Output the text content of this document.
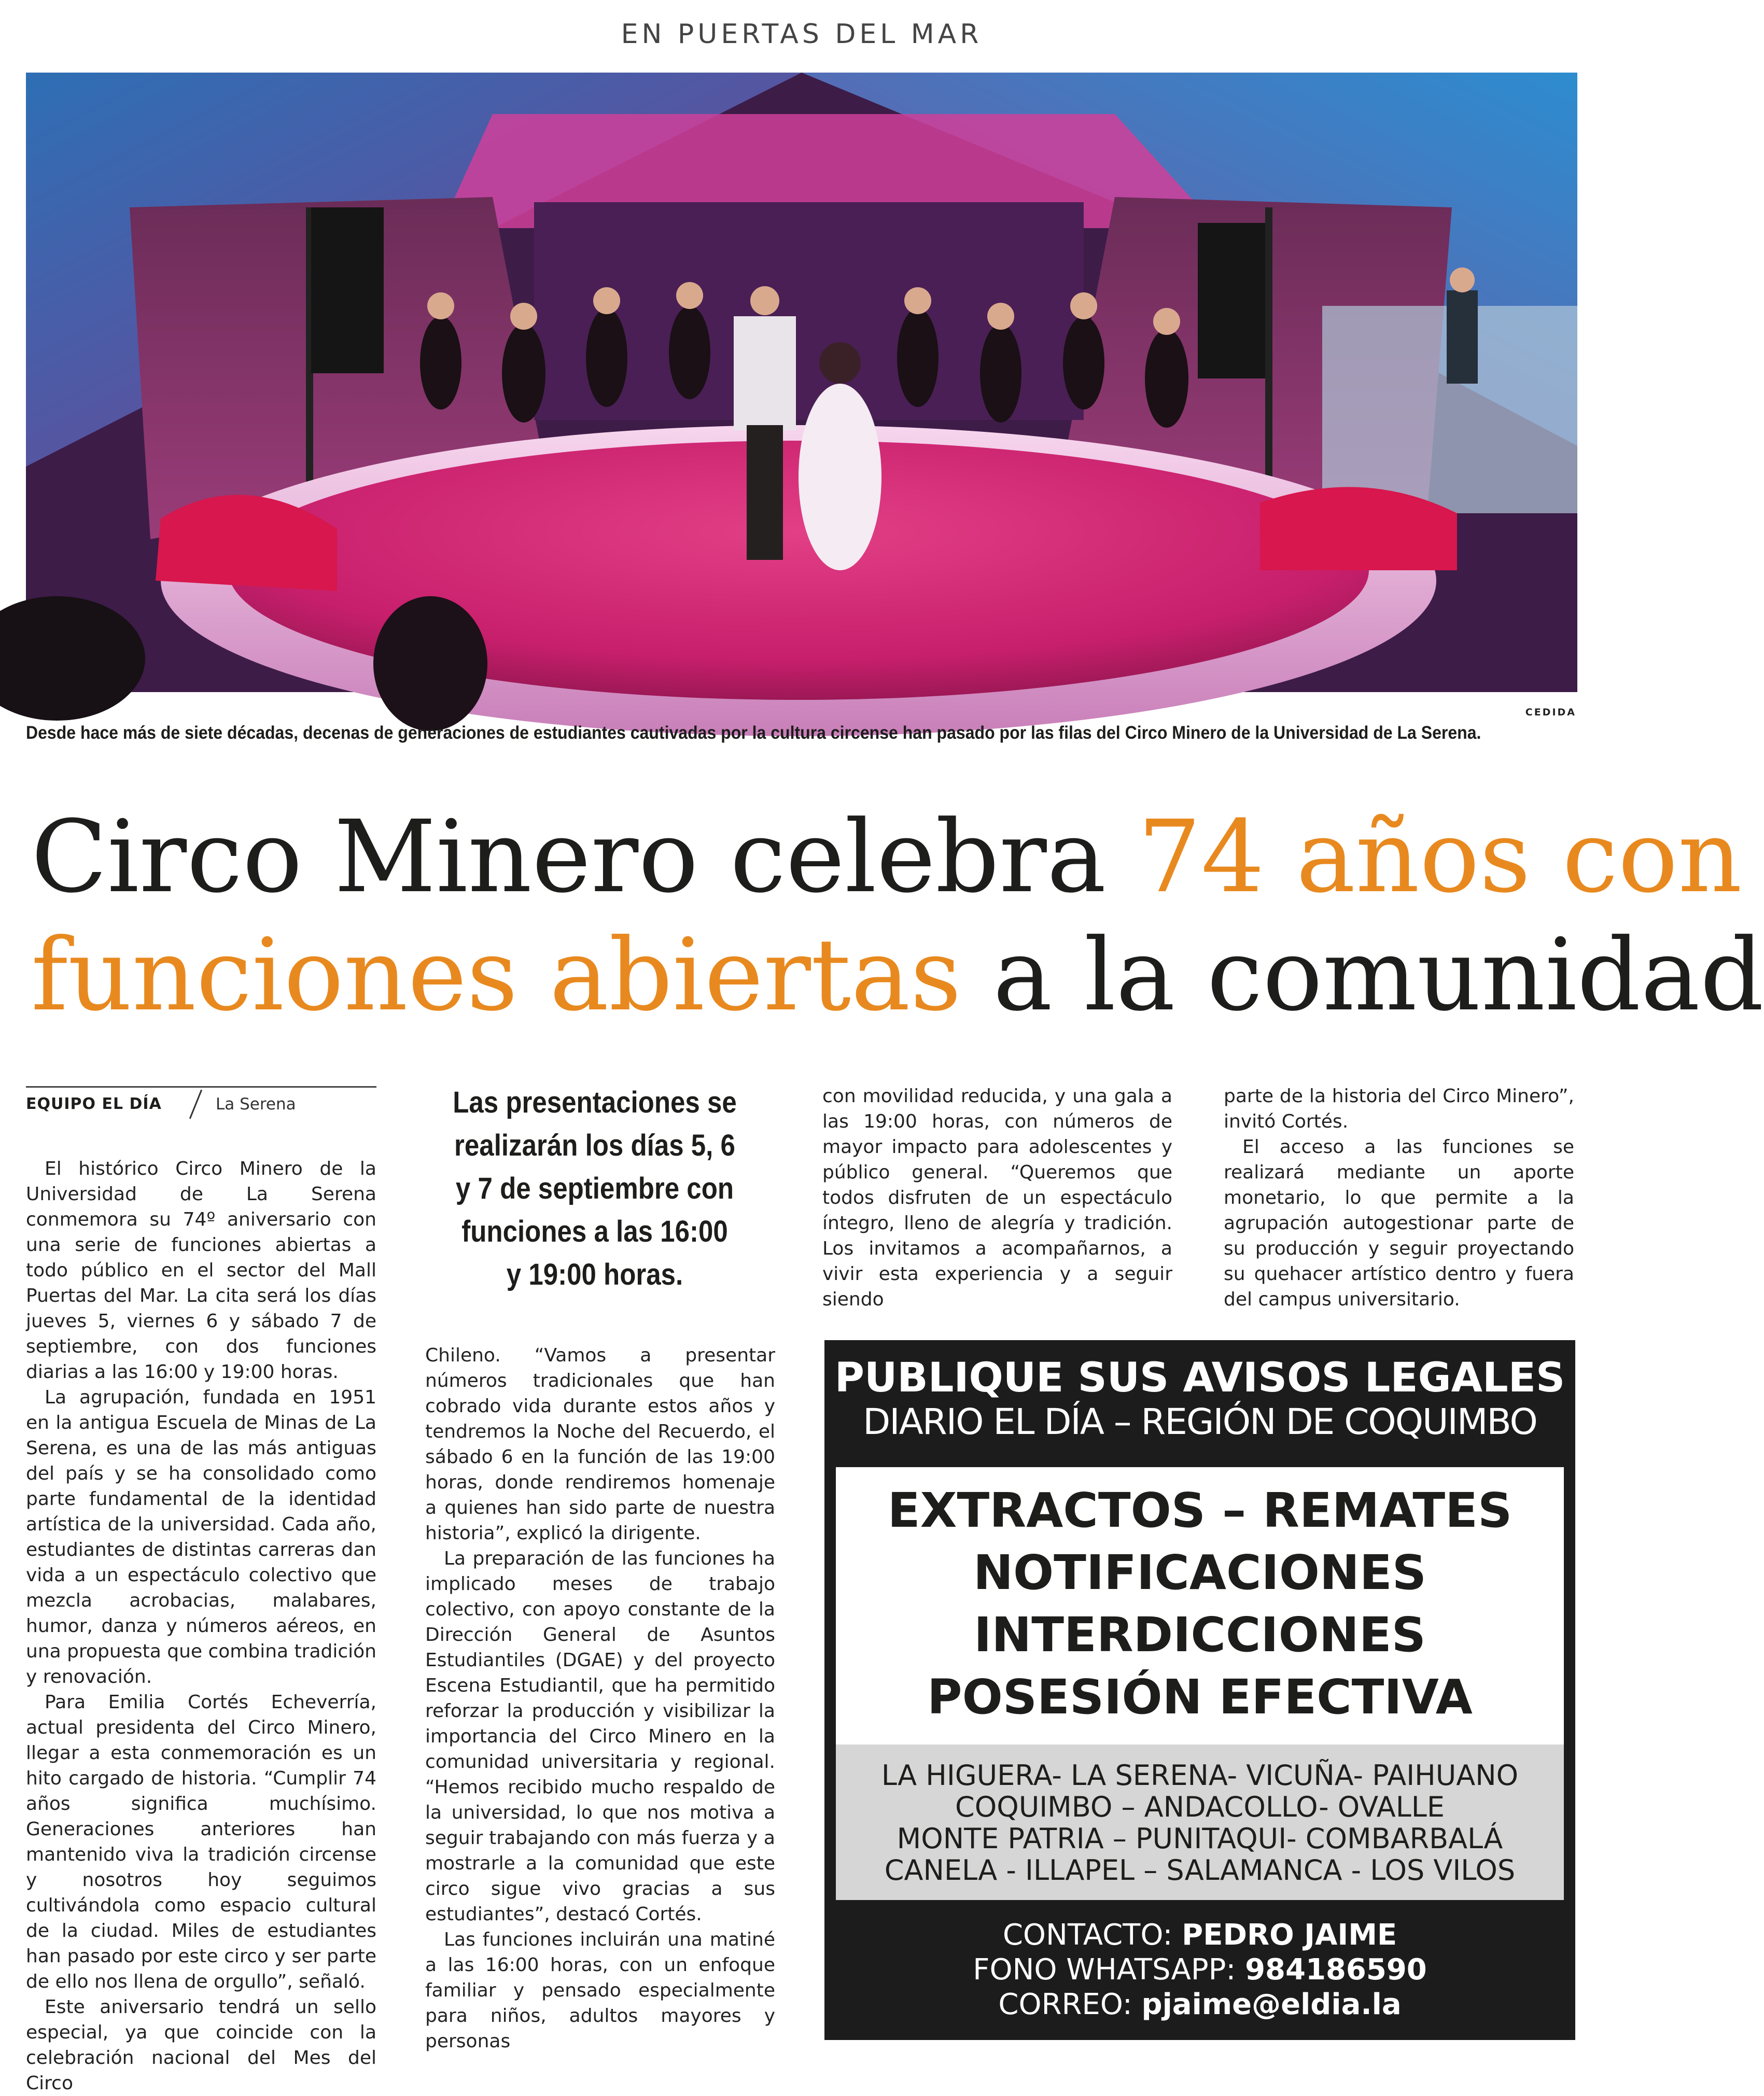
EN PUERTAS DEL MAR
CEDIDA
Desde hace más de siete décadas, decenas de generaciones de estudiantes cautivadas por la cultura circense han pasado por las filas del Circo Minero de la Universidad de La Serena.
Circo Minero celebra 74 años con
funciones abiertas a la comunidad
EQUIPO EL DÍA	La Serena

El histórico Circo Minero de la Universidad de La Serena conmemora su 74º aniversario con una serie de funciones abiertas a todo público en el sector del Mall Puertas del Mar. La cita será los días jueves 5, viernes 6 y sábado 7 de septiembre, con dos funciones diarias a las 16:00 y 19:00 horas.

La agrupación, fundada en 1951 en la antigua Escuela de Minas de La Serena, es una de las más antiguas del país y se ha consolidado como parte fundamental de la identidad artística de la universidad. Cada año, estudiantes de distintas carreras dan vida a un espectáculo colectivo que mezcla acrobacias, malabares, humor, danza y números aéreos, en una propuesta que combina tradición y renovación.

Para Emilia Cortés Echeverría, actual presidenta del Circo Minero, llegar a esta conmemoración es un hito cargado de historia. “Cumplir 74 años significa muchísimo. Generaciones anteriores han mantenido viva la tradición circense y nosotros hoy seguimos cultivándola como espacio cultural de la ciudad. Miles de estudiantes han pasado por este circo y ser parte de ello nos llena de orgullo”, señaló.

Este aniversario tendrá un sello especial, ya que coincide con la celebración nacional del Mes del Circo

Las presentaciones se realizarán los días 5, 6 y 7 de septiembre con funciones a las 16:00 y 19:00 horas.

Chileno. “Vamos a presentar números tradicionales que han cobrado vida durante estos años y tendremos la Noche del Recuerdo, el sábado 6 en la función de las 19:00 horas, donde rendiremos homenaje a quienes han sido parte de nuestra historia”, explicó la dirigente.

La preparación de las funciones ha implicado meses de trabajo colectivo, con apoyo constante de la Dirección General de Asuntos Estudiantiles (DGAE) y del proyecto Escena Estudiantil, que ha permitido reforzar la producción y visibilizar la importancia del Circo Minero en la comunidad universitaria y regional. “Hemos recibido mucho respaldo de la universidad, lo que nos motiva a seguir trabajando con más fuerza y a mostrarle a la comunidad que este circo sigue vivo gracias a sus estudiantes”, destacó Cortés.

Las funciones incluirán una matiné a las 16:00 horas, con un enfoque familiar y pensado especialmente para niños, adultos mayores y personas

con movilidad reducida, y una gala a las 19:00 horas, con números de mayor impacto para adolescentes y público general. “Queremos que todos disfruten de un espectáculo íntegro, lleno de alegría y tradición. Los invitamos a acompañarnos, a vivir esta experiencia y a seguir siendo

parte de la historia del Circo Minero”, invitó Cortés.

El acceso a las funciones se realizará mediante un aporte monetario, lo que permite a la agrupación autogestionar parte de su producción y seguir proyectando su quehacer artístico dentro y fuera del campus universitario.

PUBLIQUE SUS AVISOS LEGALES
DIARIO EL DÍA – REGIÓN DE COQUIMBO
EXTRACTOS – REMATES
NOTIFICACIONES
INTERDICCIONES
POSESIÓN EFECTIVA
LA HIGUERA- LA SERENA- VICUÑA- PAIHUANO
COQUIMBO – ANDACOLLO- OVALLE
MONTE PATRIA – PUNITAQUI- COMBARBALÁ
CANELA - ILLAPEL – SALAMANCA - LOS VILOS
CONTACTO: PEDRO JAIME
FONO WHATSAPP: 984186590
CORREO: pjaime@eldia.la
